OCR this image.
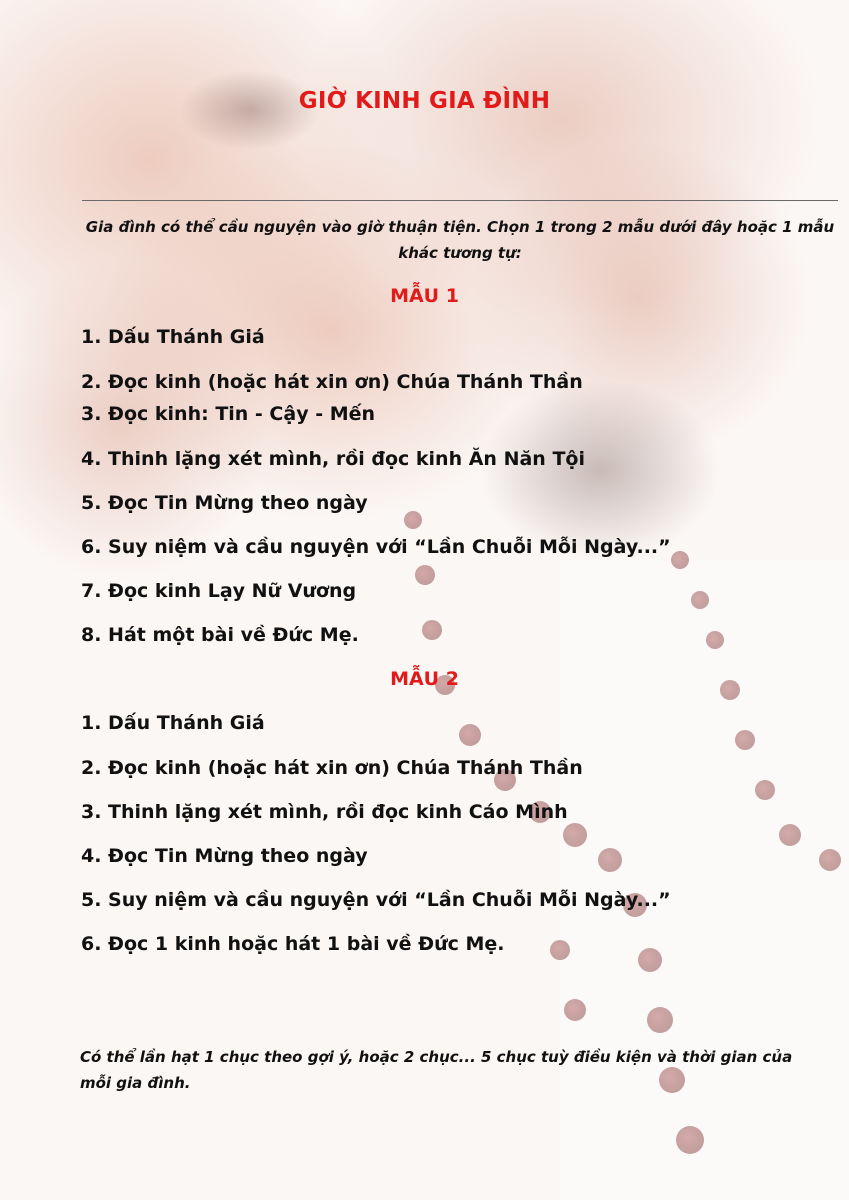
GIỜ KINH GIA ĐÌNH
Gia đình có thể cầu nguyện vào giờ thuận tiện. Chọn 1 trong 2 mẫu dưới đây hoặc 1 mẫu khác tương tự:
MẪU 1
1. Dấu Thánh Giá
2. Đọc kinh (hoặc hát xin ơn) Chúa Thánh Thần
3. Đọc kinh: Tin - Cậy - Mến
4. Thinh lặng xét mình, rồi đọc kinh Ăn Năn Tội
5. Đọc Tin Mừng theo ngày
6. Suy niệm và cầu nguyện với “Lần Chuỗi Mỗi Ngày...”
7. Đọc kinh Lạy Nữ Vương
8. Hát một bài về Đức Mẹ.
MẪU 2
1. Dấu Thánh Giá
2. Đọc kinh (hoặc hát xin ơn) Chúa Thánh Thần
3. Thinh lặng xét mình, rồi đọc kinh Cáo Mình
4. Đọc Tin Mừng theo ngày
5. Suy niệm và cầu nguyện với “Lần Chuỗi Mỗi Ngày...”
6. Đọc 1 kinh hoặc hát 1 bài về Đức Mẹ.
Có thể lần hạt 1 chục theo gợi ý, hoặc 2 chục... 5 chục tuỳ điều kiện và thời gian của mỗi gia đình.
